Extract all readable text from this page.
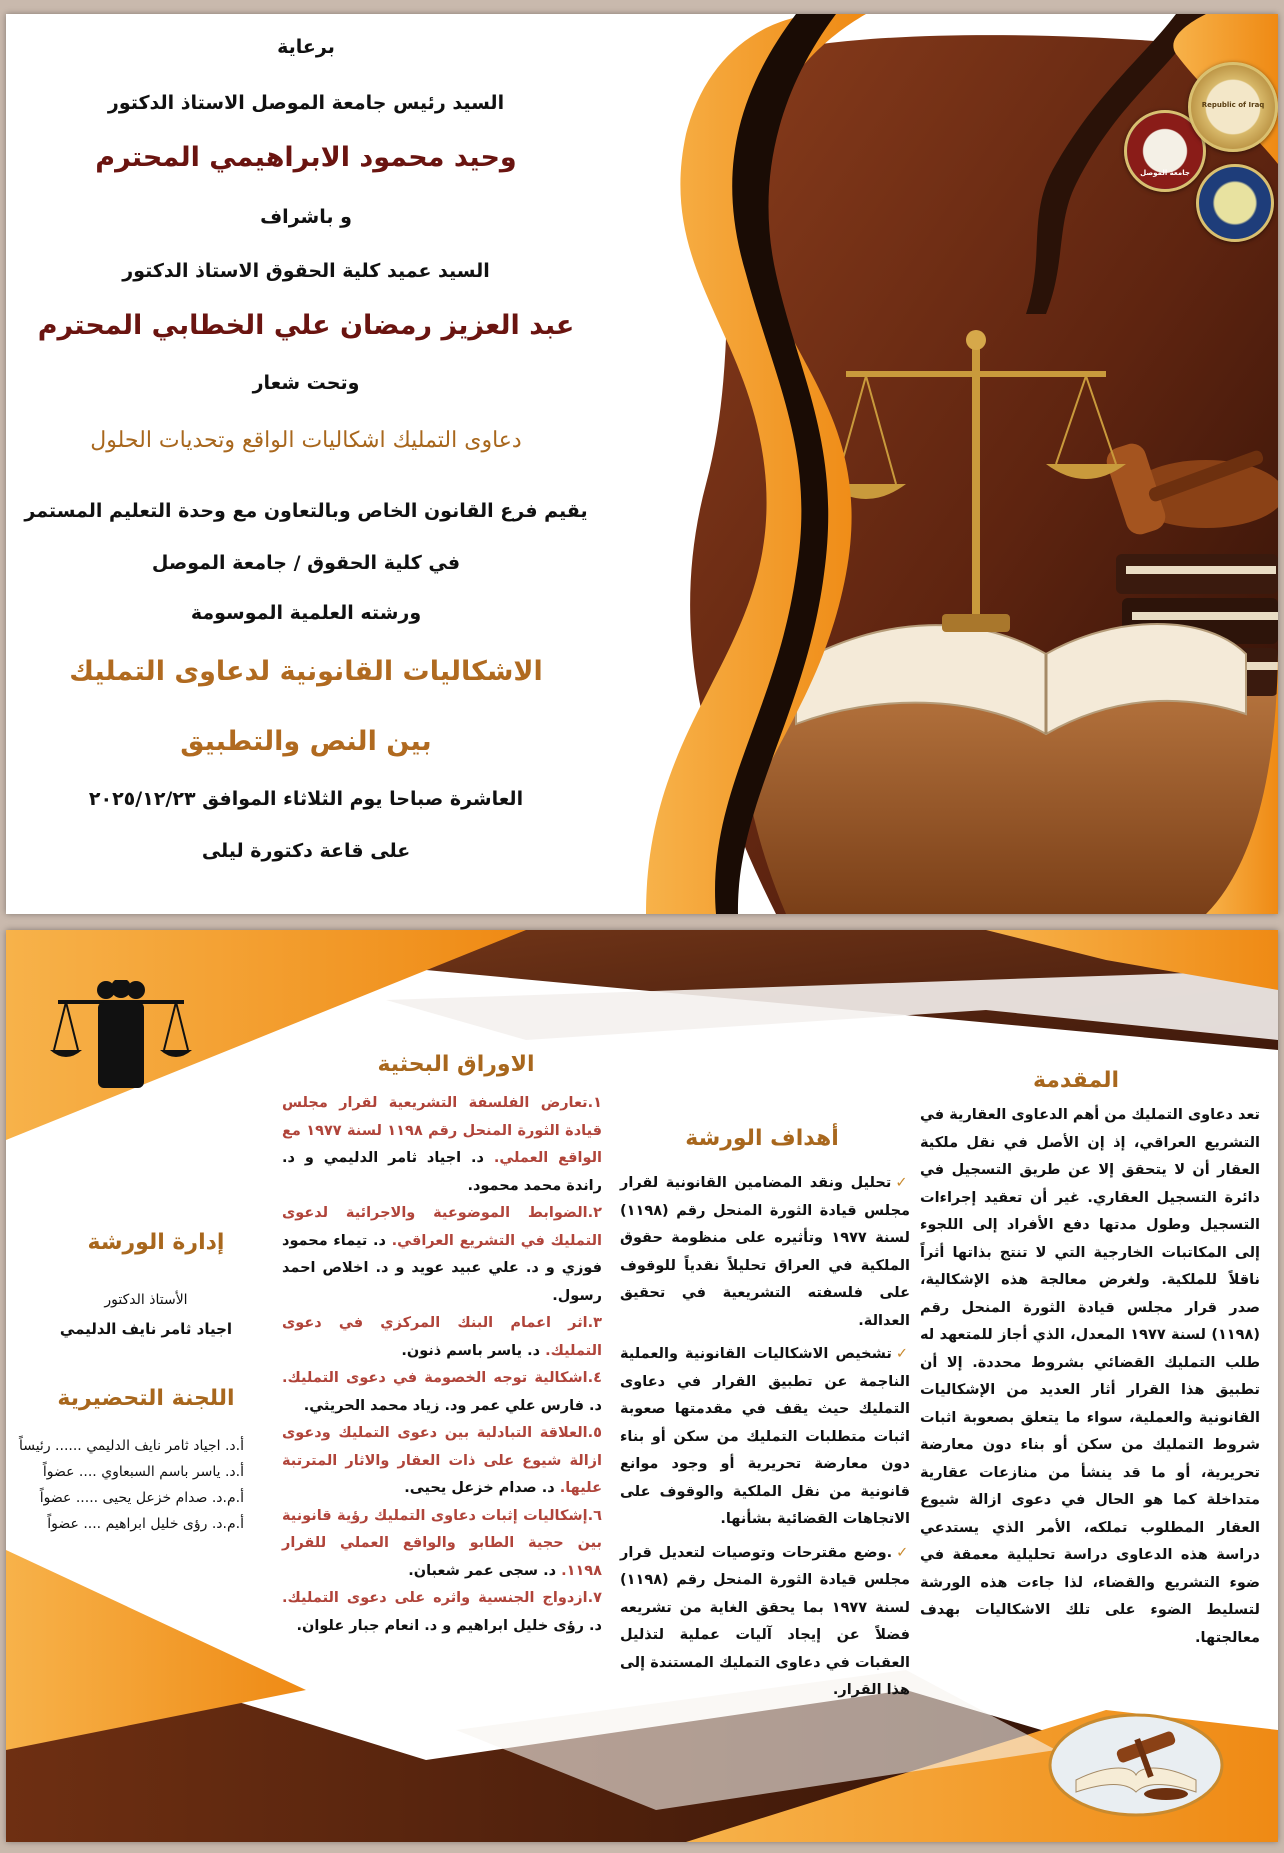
برعاية
السيد رئيس جامعة الموصل الاستاذ الدكتور
وحيد محمود الابراهيمي المحترم
و باشراف
السيد عميد كلية الحقوق الاستاذ الدكتور
عبد العزيز رمضان علي الخطابي المحترم
وتحت شعار
دعاوى التمليك اشكاليات الواقع وتحديات الحلول
يقيم فرع القانون الخاص وبالتعاون مع وحدة التعليم المستمر
في كلية الحقوق / جامعة الموصل
ورشته العلمية الموسومة
الاشكاليات القانونية لدعاوى التمليك
بين النص والتطبيق
العاشرة صباحا يوم الثلاثاء الموافق ٢٠٢٥/١٢/٢٣
على قاعة دكتورة ليلى
جامعة الموصل
Republic of Iraq
المقدمة

تعد دعاوى التمليك من أهم الدعاوى العقارية في التشريع العراقي، إذ إن الأصل في نقل ملكية العقار أن لا يتحقق إلا عن طريق التسجيل في دائرة التسجيل العقاري. غير أن تعقيد إجراءات التسجيل وطول مدتها دفع الأفراد إلى اللجوء إلى المكاتبات الخارجية التي لا تنتج بذاتها أثراً ناقلاً للملكية. ولغرض معالجة هذه الإشكالية، صدر قرار مجلس قيادة الثورة المنحل رقم (١١٩٨) لسنة ١٩٧٧ المعدل، الذي أجاز للمتعهد له طلب التمليك القضائي بشروط محددة. إلا أن تطبيق هذا القرار أثار العديد من الإشكاليات القانونية والعملية، سواء ما يتعلق بصعوبة اثبات شروط التمليك من سكن أو بناء دون معارضة تحريرية، أو ما قد ينشأ من منازعات عقارية متداخلة كما هو الحال في دعوى ازالة شيوع العقار المطلوب تملكه، الأمر الذي يستدعي دراسة هذه الدعاوى دراسة تحليلية معمقة في ضوء التشريع والقضاء، لذا جاءت هذه الورشة لتسليط الضوء على تلك الاشكاليات بهدف معالجتها.

أهداف الورشة

✓تحليل ونقد المضامين القانونية لقرار مجلس قيادة الثورة المنحل رقم (١١٩٨) لسنة ١٩٧٧ وتأثيره على منظومة حقوق الملكية في العراق تحليلاً نقدياً للوقوف على فلسفته التشريعية في تحقيق العدالة.

✓تشخيص الاشكاليات القانونية والعملية الناجمة عن تطبيق القرار في دعاوى التمليك حيث يقف في مقدمتها صعوبة اثبات متطلبات التمليك من سكن أو بناء دون معارضة تحريرية أو وجود موانع قانونية من نقل الملكية والوقوف على الاتجاهات القضائية بشأنها.

✓.وضع مقترحات وتوصيات لتعديل قرار مجلس قيادة الثورة المنحل رقم (١١٩٨) لسنة ١٩٧٧ بما يحقق الغاية من تشريعه فضلاً عن إيجاد آليات عملية لتذليل العقبات في دعاوى التمليك المستندة إلى هذا القرار.

الاوراق البحثية

١.تعارض الفلسفة التشريعية لقرار مجلس قيادة الثورة المنحل رقم ١١٩٨ لسنة ١٩٧٧ مع الواقع العملي. د. اجياد ثامر الدليمي و د. راندة محمد محمود.

٢.الضوابط الموضوعية والاجرائية لدعوى التمليك في التشريع العراقي. د. تيماء محمود فوزي و د. علي عبيد عويد و د. اخلاص احمد رسول.

٣.اثر اعمام البنك المركزي في دعوى التمليك. د. ياسر باسم ذنون.

٤.اشكالية توجه الخصومة في دعوى التمليك. د. فارس علي عمر ود. زياد محمد الحريثي.

٥.العلاقة التبادلية بين دعوى التمليك ودعوى ازالة شيوع على ذات العقار والاثار المترتبة عليها. د. صدام خزعل يحيى.

٦.إشكاليات إثبات دعاوى التمليك رؤية قانونية بين حجية الطابو والواقع العملي للقرار ١١٩٨. د. سجى عمر شعبان.

٧.ازدواج الجنسية واثره على دعوى التمليك. د. رؤى خليل ابراهيم و د. انعام جبار علوان.

إدارة الورشة
الأستاذ الدكتور
اجياد ثامر نايف الدليمي
اللجنة التحضيرية
أ.د. اجياد ثامر نايف الدليمي ...... رئيساً
أ.د. ياسر باسم السبعاوي .... عضواً
أ.م.د. صدام خزعل يحيى ..... عضواً
أ.م.د. رؤى خليل ابراهيم .... عضواً
